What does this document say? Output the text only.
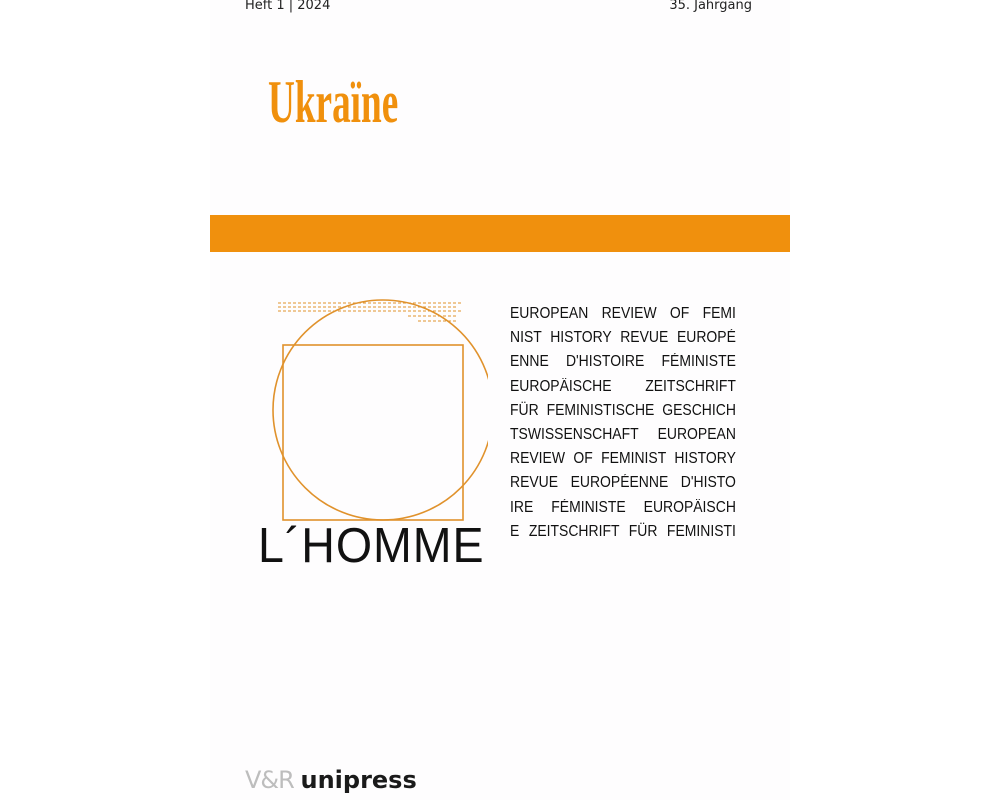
Heft 1 | 2024	35. Jahrgang
Ukraïne
L´HOMME
EUROPEAN REVIEW OF FEMI
NIST HISTORY REVUE EUROPÉ
ENNE D'HISTOIRE FÉMINISTE
EUROPÄISCHE ZEITSCHRIFT
FÜR FEMINISTISCHE GESCHICH
TSWISSENSCHAFT EUROPEAN
REVIEW OF FEMINIST HISTORY
REVUE EUROPÉENNE D'HISTO
IRE FÉMINISTE EUROPÄISCH
E ZEITSCHRIFT FÜR FEMINISTI
V&R unipress
